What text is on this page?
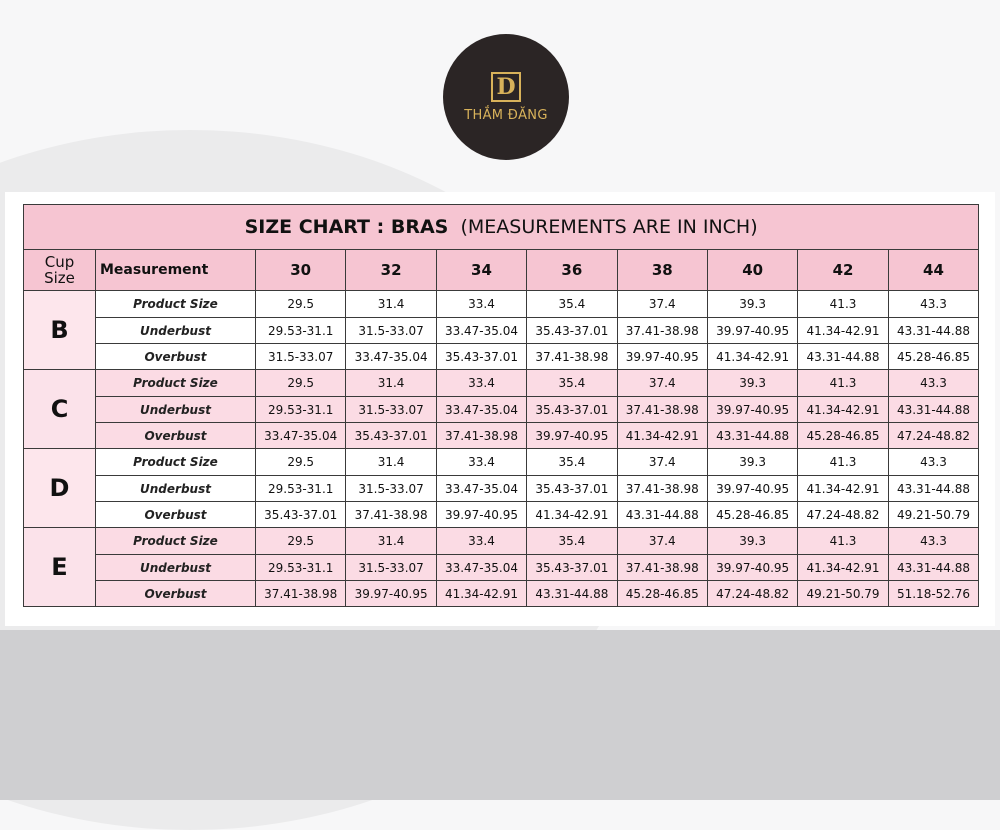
D
THẮM ĐĂNG
SIZE CHART : BRAS (MEASUREMENTS ARE IN INCH)									

Cup
Size	Measurement	30	32	34	36	38	40	42	44
B	Product Size	29.5	31.4	33.4	35.4	37.4	39.3	41.3	43.3
	Underbust	29.53-31.1	31.5-33.07	33.47-35.04	35.43-37.01	37.41-38.98	39.97-40.95	41.34-42.91	43.31-44.88
	Overbust	31.5-33.07	33.47-35.04	35.43-37.01	37.41-38.98	39.97-40.95	41.34-42.91	43.31-44.88	45.28-46.85
C	Product Size	29.5	31.4	33.4	35.4	37.4	39.3	41.3	43.3
	Underbust	29.53-31.1	31.5-33.07	33.47-35.04	35.43-37.01	37.41-38.98	39.97-40.95	41.34-42.91	43.31-44.88
	Overbust	33.47-35.04	35.43-37.01	37.41-38.98	39.97-40.95	41.34-42.91	43.31-44.88	45.28-46.85	47.24-48.82
D	Product Size	29.5	31.4	33.4	35.4	37.4	39.3	41.3	43.3
	Underbust	29.53-31.1	31.5-33.07	33.47-35.04	35.43-37.01	37.41-38.98	39.97-40.95	41.34-42.91	43.31-44.88
	Overbust	35.43-37.01	37.41-38.98	39.97-40.95	41.34-42.91	43.31-44.88	45.28-46.85	47.24-48.82	49.21-50.79
E	Product Size	29.5	31.4	33.4	35.4	37.4	39.3	41.3	43.3
	Underbust	29.53-31.1	31.5-33.07	33.47-35.04	35.43-37.01	37.41-38.98	39.97-40.95	41.34-42.91	43.31-44.88
	Overbust	37.41-38.98	39.97-40.95	41.34-42.91	43.31-44.88	45.28-46.85	47.24-48.82	49.21-50.79	51.18-52.76
